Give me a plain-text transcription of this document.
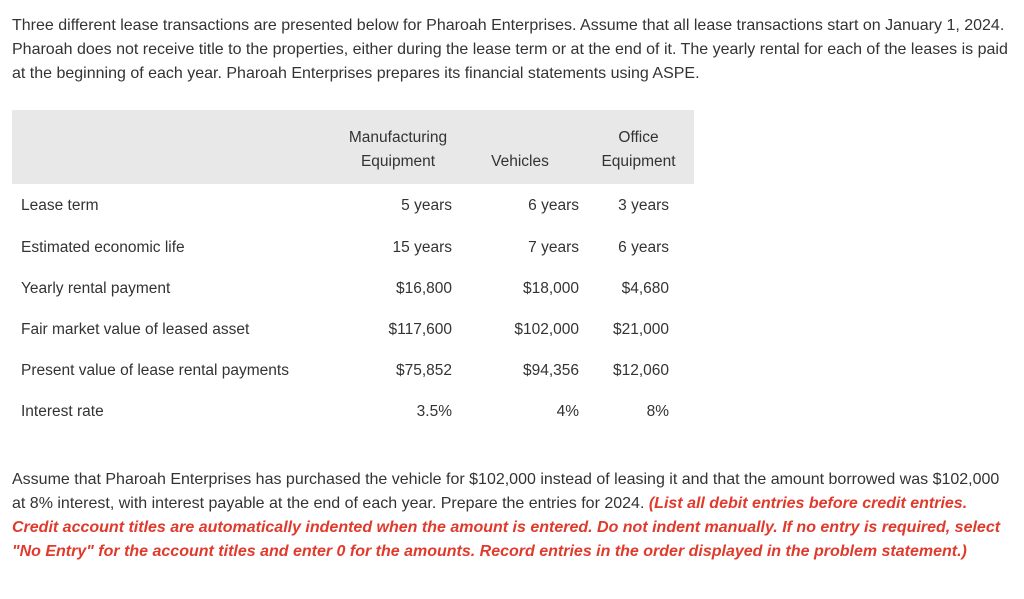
Three different lease transactions are presented below for Pharoah Enterprises. Assume that all lease transactions start on January 1, 2024. Pharoah does not receive title to the properties, either during the lease term or at the end of it. The yearly rental for each of the leases is paid at the beginning of each year. Pharoah Enterprises prepares its financial statements using ASPE.

	Manufacturing
Equipment	Vehicles	Office
Equipment
Lease term	5 years	6 years	3 years
Estimated economic life	15 years	7 years	6 years
Yearly rental payment	$16,800	$18,000	$4,680
Fair market value of leased asset	$117,600	$102,000	$21,000
Present value of lease rental payments	$75,852	$94,356	$12,060
Interest rate	3.5%	4%	8%

Assume that Pharoah Enterprises has purchased the vehicle for $102,000 instead of leasing it and that the amount borrowed was $102,000 at 8% interest, with interest payable at the end of each year. Prepare the entries for 2024. (List all debit entries before credit entries. Credit account titles are automatically indented when the amount is entered. Do not indent manually. If no entry is required, select "No Entry" for the account titles and enter 0 for the amounts. Record entries in the order displayed in the problem statement.)
